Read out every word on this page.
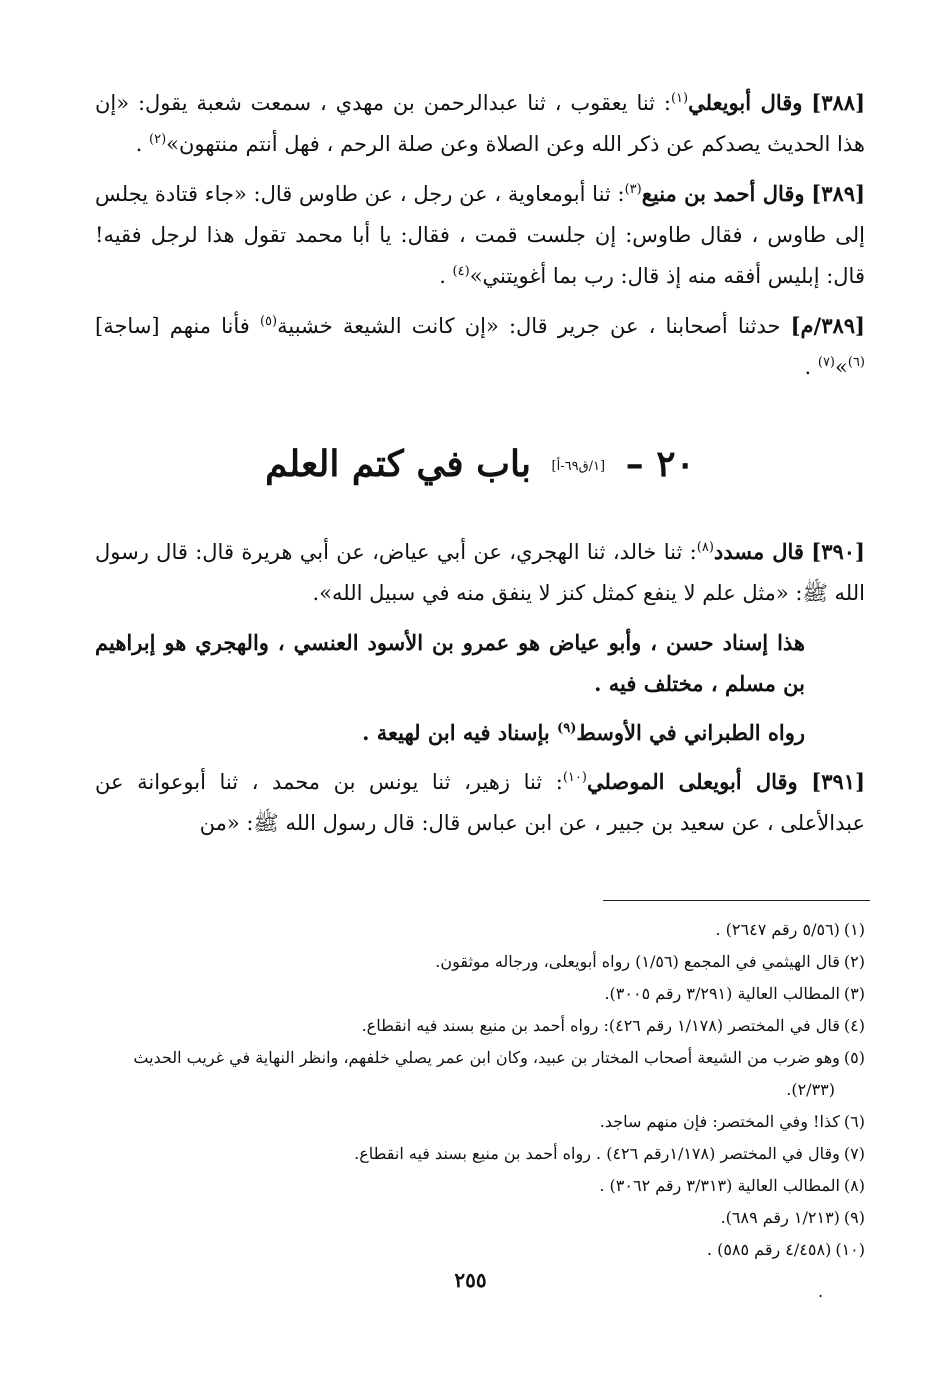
[٣٨٨] وقال أبويعلي$^{(١)}$: ثنا يعقوب ، ثنا عبدالرحمن بن مهدي ، سمعت شعبة يقول: «إن هذا الحديث يصدكم عن ذكر الله وعن الصلاة وعن صلة الرحم ، فهل أنتم منتهون»$^{(٢)}$ .

[٣٨٩] وقال أحمد بن منيع$^{(٣)}$: ثنا أبومعاوية ، عن رجل ، عن طاوس قال: «جاء قتادة يجلس إلى طاوس ، فقال طاوس: إن جلست قمت ، فقال: يا أبا محمد تقول هذا لرجل فقيه! قال: إبليس أفقه منه إذ قال: رب بما أغويتني»$^{(٤)}$ .

[٣٨٩/م] حدثنا أصحابنا ، عن جرير قال: «إن كانت الشيعة خشبية$^{(٥)}$ فأنا منهم [ساجة]$^{(٦)}$»$^{(٧)}$ .

٢٠ – [١/ق٦٩-أ] باب في كتم العلم

[٣٩٠] قال مسدد$^{(٨)}$: ثنا خالد، ثنا الهجري، عن أبي عياض، عن أبي هريرة قال: قال رسول الله ﷺ: «مثل علم لا ينفع كمثل كنز لا ينفق منه في سبيل الله».

هذا إسناد حسن ، وأبو عياض هو عمرو بن الأسود العنسي ، والهجري هو إبراهيم بن مسلم ، مختلف فيه .

رواه الطبراني في الأوسط$^{(٩)}$ بإسناد فيه ابن لهيعة .

[٣٩١] وقال أبويعلى الموصلي$^{(١٠)}$: ثنا زهير، ثنا يونس بن محمد ، ثنا أبوعوانة عن عبدالأعلى ، عن سعيد بن جبير ، عن ابن عباس قال: قال رسول الله ﷺ: «من

(١)(٥/٥٦ رقم ٢٦٤٧) .
(٢)قال الهيثمي في المجمع (١/٥٦) رواه أبويعلى، ورجاله موثقون.
(٣)المطالب العالية (٣/٢٩١ رقم ٣٠٠٥).
(٤)قال في المختصر (١/١٧٨ رقم ٤٢٦): رواه أحمد بن منيع بسند فيه انقطاع.
(٥)وهو ضرب من الشيعة أصحاب المختار بن عبيد، وكان ابن عمر يصلي خلفهم، وانظر النهاية في غريب الحديث (٢/٣٣).
(٦)كذا! وفي المختصر: فإن منهم ساجد.
(٧)وقال في المختصر (١/١٧٨رقم ٤٢٦) . رواه أحمد بن منيع بسند فيه انقطاع.
(٨)المطالب العالية (٣/٣١٣ رقم ٣٠٦٢) .
(٩)(١/٢١٣ رقم ٦٨٩).
(١٠)(٤/٤٥٨ رقم ٥٨٥) .
٢٥٥	.
